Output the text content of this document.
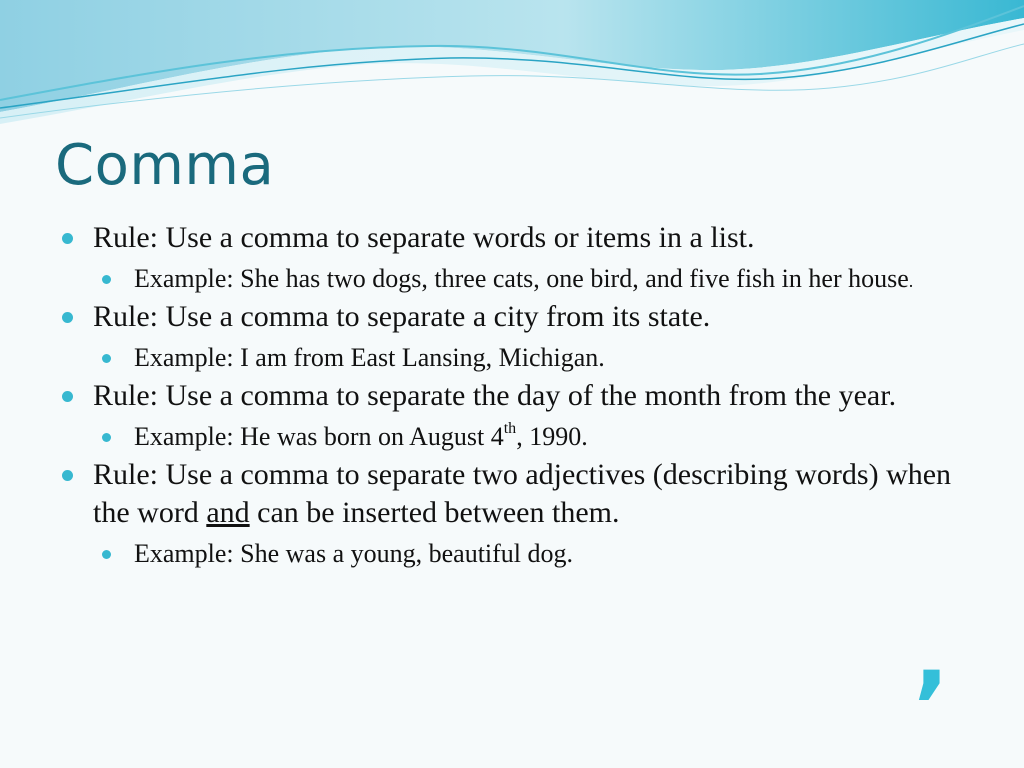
Comma
Rule: Use a comma to separate words or items in a list.
Example: She has two dogs, three cats, one bird, and five fish in her house.
Rule: Use a comma to separate a city from its state.
Example: I am from East Lansing, Michigan.
Rule: Use a comma to separate the day of the month from the year.
Example: He was born on August 4th, 1990.
Rule: Use a comma to separate two adjectives (describing words) when the word and can be inserted between them.
Example: She was a young, beautiful dog.
,
